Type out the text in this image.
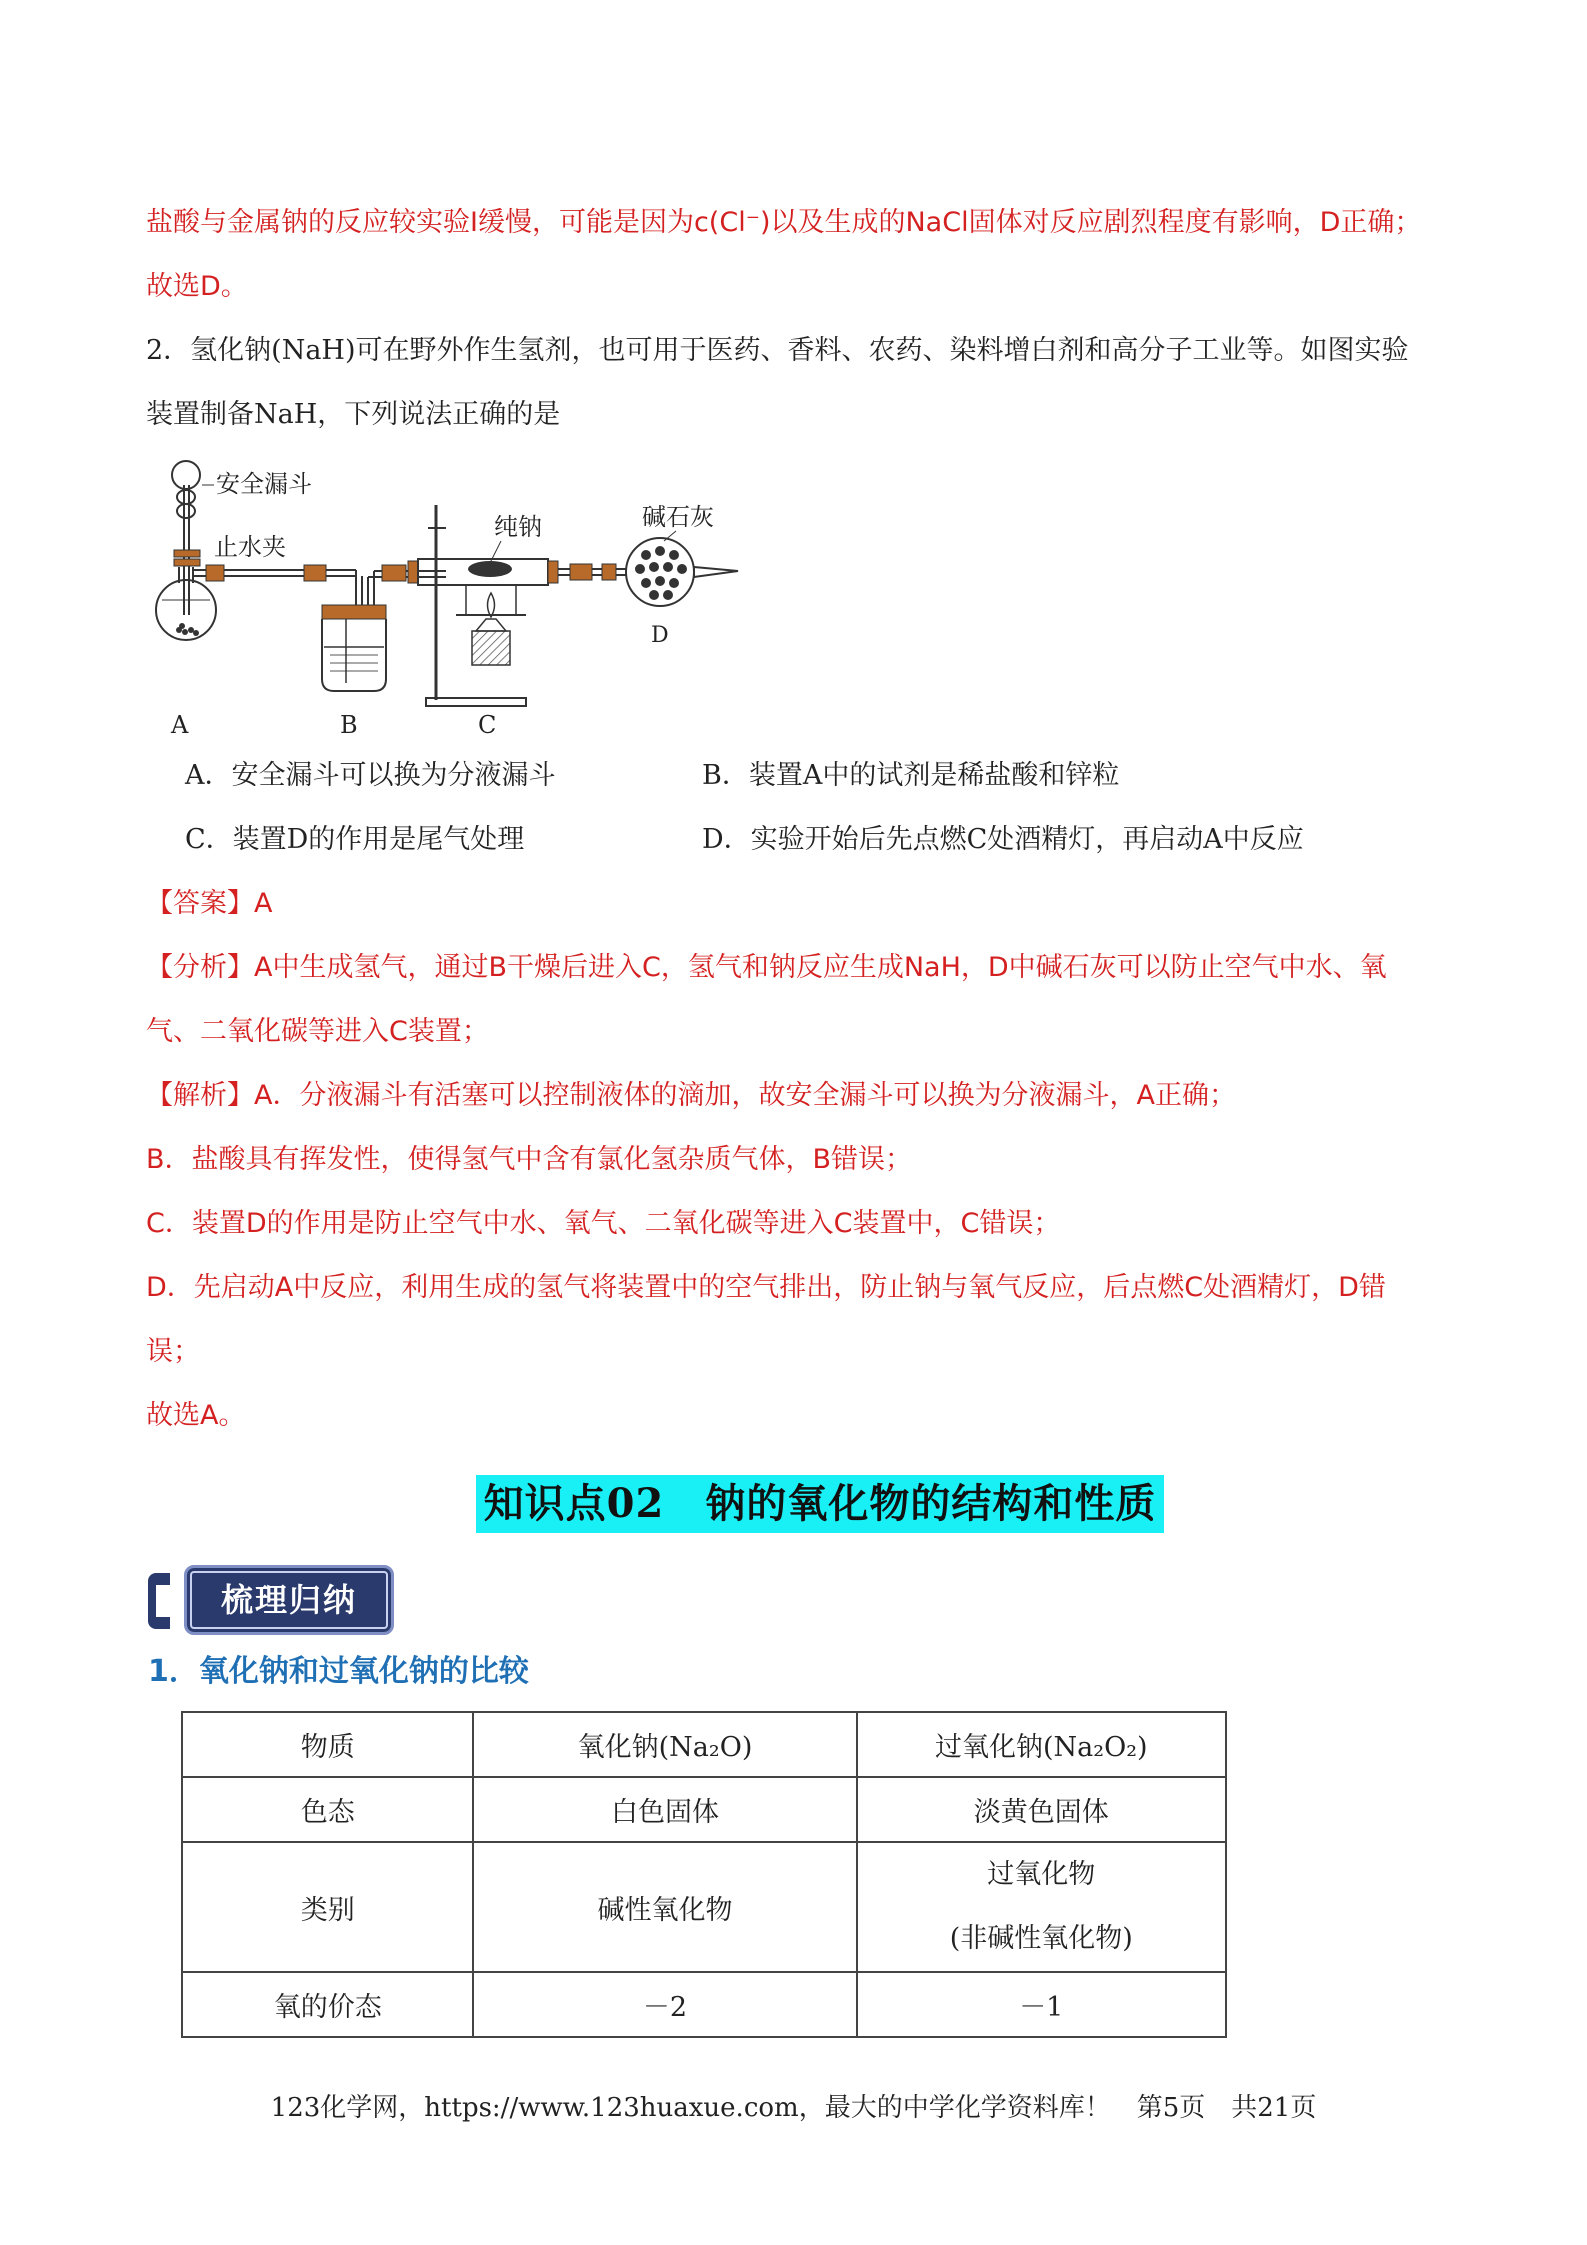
盐酸与金属钠的反应较实验Ⅰ缓慢，可能是因为c(Cl⁻)以及生成的NaCl固体对反应剧烈程度有影响，D正确；
故选D。
2．氢化钠(NaH)可在野外作生氢剂，也可用于医药、香料、农药、染料增白剂和高分子工业等。如图实验
装置制备NaH，下列说法正确的是
安全漏斗
止水夹
纯钠	碱石灰
D
A	B	C
A．安全漏斗可以换为分液漏斗	B．装置A中的试剂是稀盐酸和锌粒
C．装置D的作用是尾气处理	D．实验开始后先点燃C处酒精灯，再启动A中反应
【答案】A
【分析】A中生成氢气，通过B干燥后进入C，氢气和钠反应生成NaH，D中碱石灰可以防止空气中水、氧
气、二氧化碳等进入C装置；
【解析】A．分液漏斗有活塞可以控制液体的滴加，故安全漏斗可以换为分液漏斗，A正确；
B．盐酸具有挥发性，使得氢气中含有氯化氢杂质气体，B错误；
C．装置D的作用是防止空气中水、氧气、二氧化碳等进入C装置中，C错误；
D．先启动A中反应，利用生成的氢气将装置中的空气排出，防止钠与氧气反应，后点燃C处酒精灯，D错
误；
故选A。
知识点02　钠的氧化物的结构和性质
梳理归纳
1．氧化钠和过氧化钠的比较
物质	氧化钠(Na₂O)	过氧化钠(Na₂O₂)
色态	白色固体	淡黄色固体
类别	碱性氧化物	过氧化物
(非碱性氧化物)

氧的价态	－2	－1
123化学网，https://www.123huaxue.com，最大的中学化学资料库！　第5页　共21页
